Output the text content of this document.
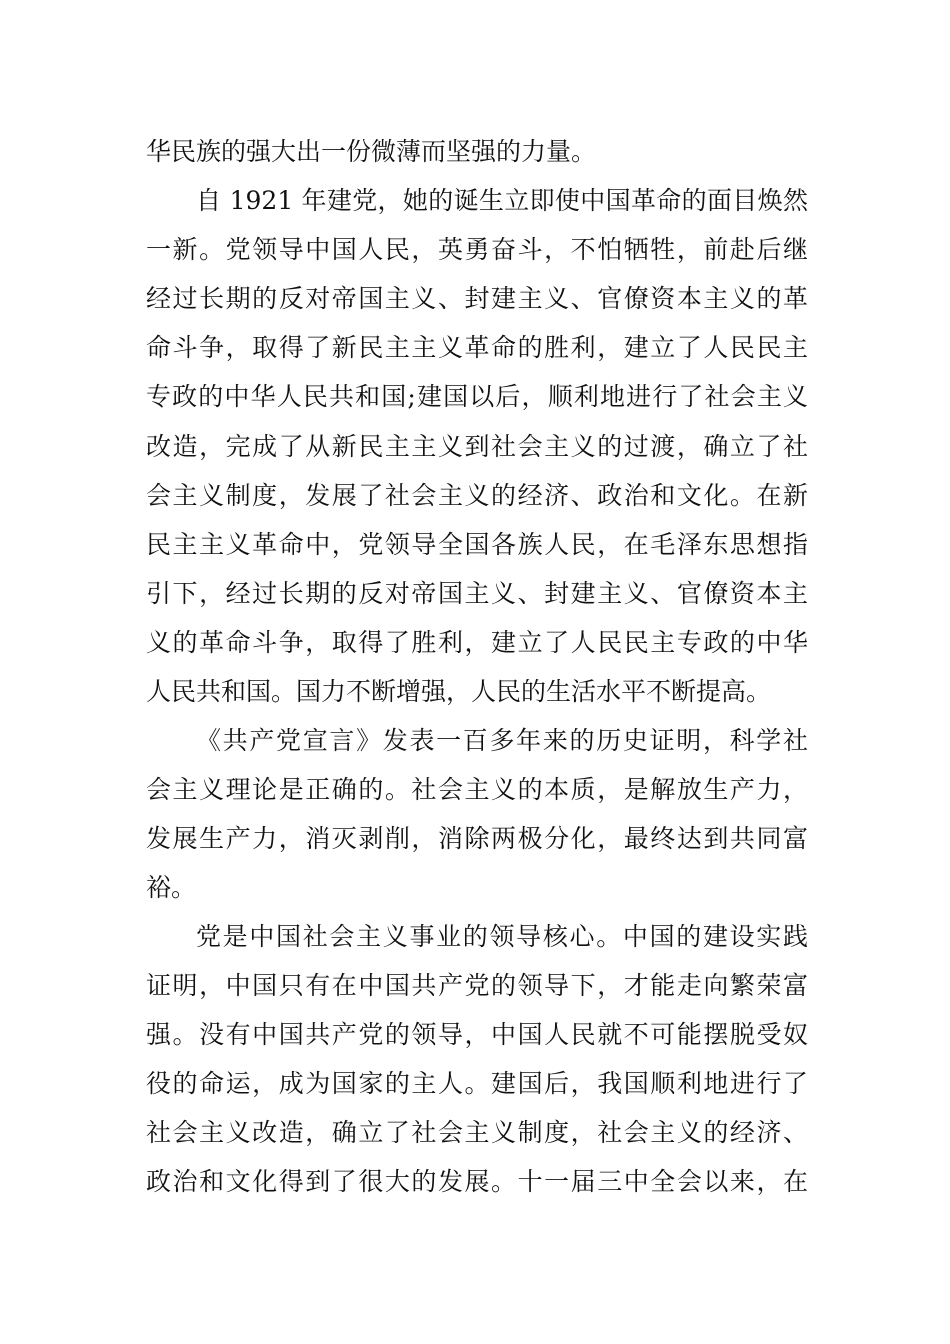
华民族的强大出一份微薄而坚强的力量。
自 1921 年建党，她的诞生立即使中国革命的面目焕然
一新。党领导中国人民，英勇奋斗，不怕牺牲，前赴后继
经过长期的反对帝国主义、封建主义、官僚资本主义的革
命斗争，取得了新民主主义革命的胜利，建立了人民民主
专政的中华人民共和国;建国以后，顺利地进行了社会主义
改造，完成了从新民主主义到社会主义的过渡，确立了社
会主义制度，发展了社会主义的经济、政治和文化。在新
民主主义革命中，党领导全国各族人民，在毛泽东思想指
引下，经过长期的反对帝国主义、封建主义、官僚资本主
义的革命斗争，取得了胜利，建立了人民民主专政的中华
人民共和国。国力不断增强，人民的生活水平不断提高。
《共产党宣言》发表一百多年来的历史证明，科学社
会主义理论是正确的。社会主义的本质，是解放生产力，
发展生产力，消灭剥削，消除两极分化，最终达到共同富
裕。
党是中国社会主义事业的领导核心。中国的建设实践
证明，中国只有在中国共产党的领导下，才能走向繁荣富
强。没有中国共产党的领导，中国人民就不可能摆脱受奴
役的命运，成为国家的主人。建国后，我国顺利地进行了
社会主义改造，确立了社会主义制度，社会主义的经济、
政治和文化得到了很大的发展。十一届三中全会以来，在
